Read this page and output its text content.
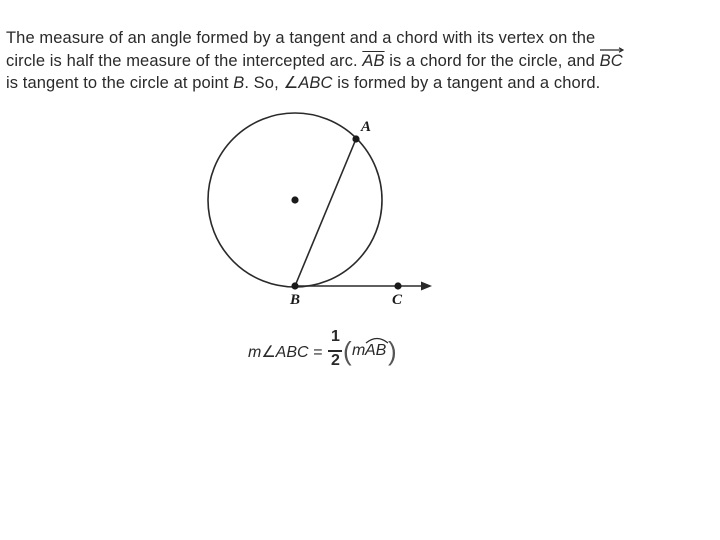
The measure of an angle formed by a tangent and a chord with its vertex on the
circle is half the measure of the intercepted arc. $\overline{AB}$ is a chord for the circle, and
BC
is tangent to the circle at point B. So, ∠ABC is formed by a tangent and a chord.
A
B	C
m∠ABC =
1
2 ( m AB )
